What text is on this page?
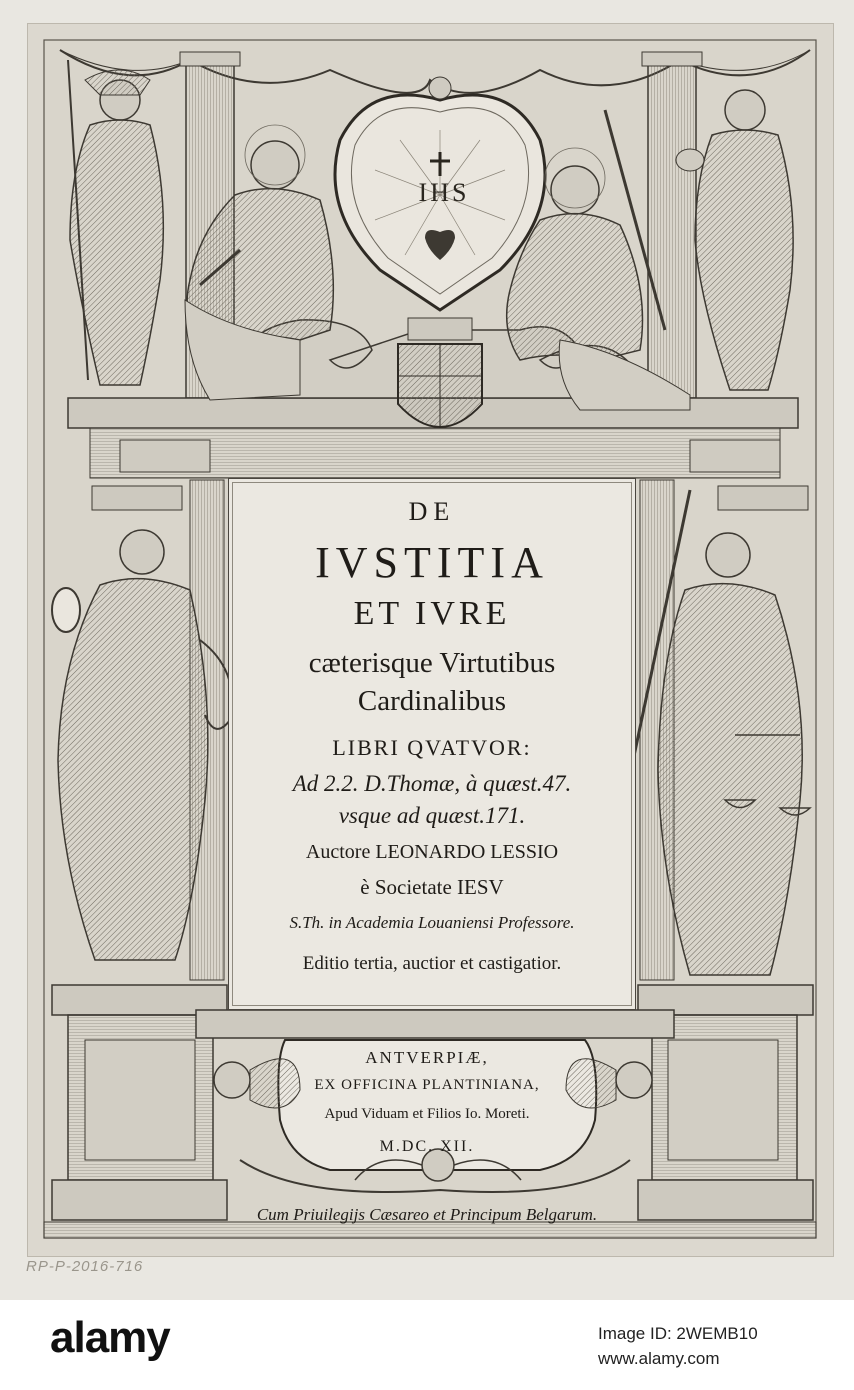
IHS
DE
IVSTITIA
ET IVRE
cæterisque Virtutibus
Cardinalibus
LIBRI QVATVOR:
Ad 2.2. D.Thomæ, à quæst.47.
vsque ad quæst.171.
Auctore LEONARDO LESSIO
è Societate IESV
S.Th. in Academia Louaniensi Professore.
Editio tertia, auctior et castigatior.
ANTVERPIÆ,
EX OFFICINA PLANTINIANA,
Apud Viduam et Filios Io. Moreti.
M.DC. XII.
Cum Priuilegijs Cæsareo et Principum Belgarum.
RP-P-2016-716
alamy	Image ID: 2WEMB10
www.alamy.com
